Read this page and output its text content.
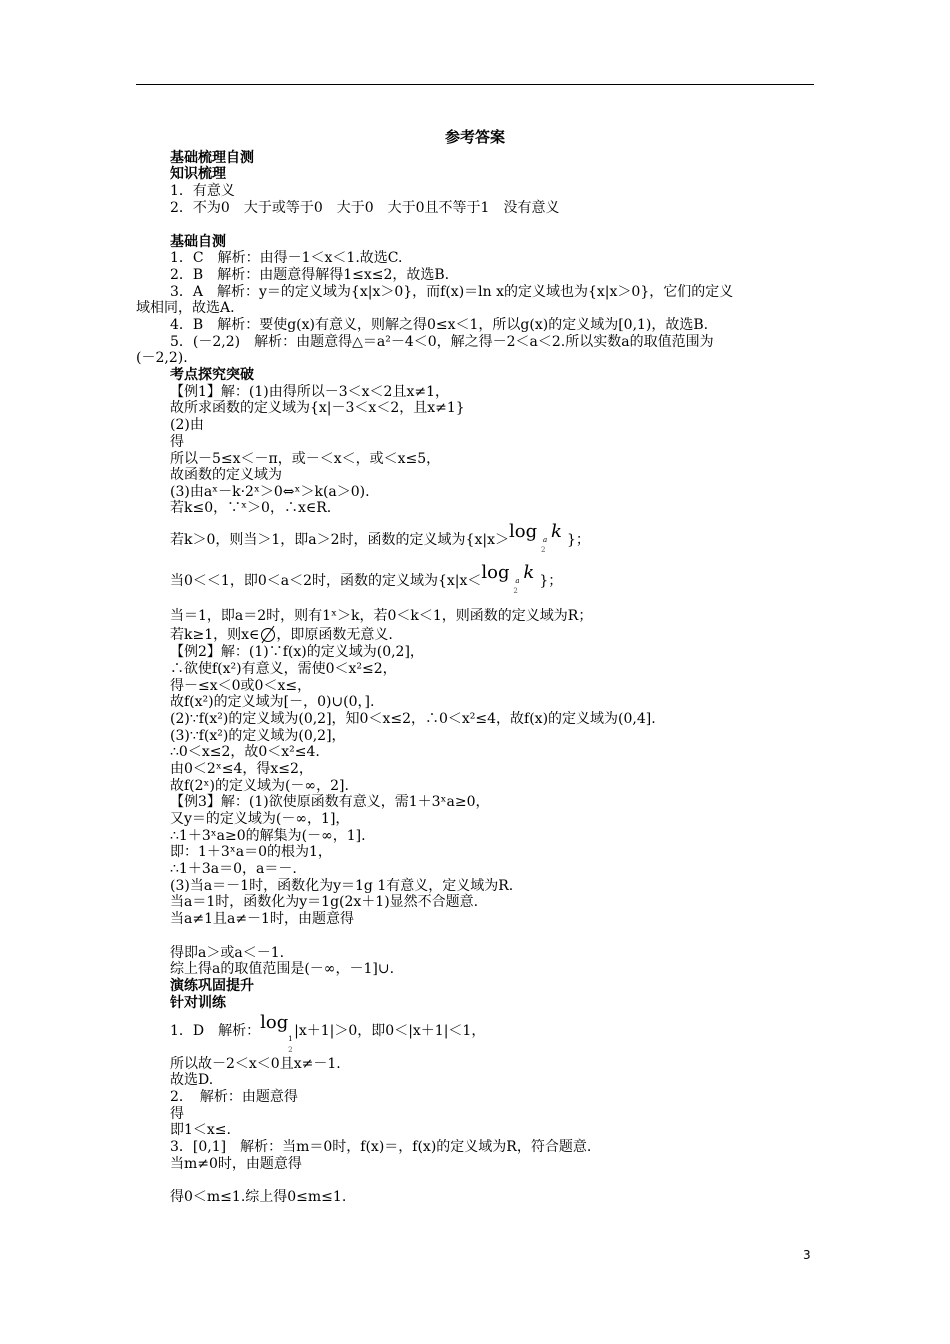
参考答案
基础梳理自测
知识梳理
1．有意义
2．不为0　大于或等于0　大于0　大于0且不等于1　没有意义
基础自测
1．C　解析：由得－1＜x＜1.故选C.
2．B　解析：由题意得解得1≤x≤2，故选B.
3．A　解析：y＝的定义域为{x|x＞0}，而f(x)＝ln x的定义域也为{x|x＞0}，它们的定义
域相同，故选A.
4．B　解析：要使g(x)有意义，则解之得0≤x＜1，所以g(x)的定义域为[0,1)，故选B.
5．(－2,2)　解析：由题意得△＝a²－4＜0，解之得－2＜a＜2.所以实数a的取值范围为
(－2,2).
考点探究突破
【例1】解：(1)由得所以－3＜x＜2且x≠1，
故所求函数的定义域为{x|－3＜x＜2，且x≠1}
(2)由
得
所以－5≤x＜－π，或－＜x＜，或＜x≤5，
故函数的定义域为
(3)由aˣ－k·2ˣ＞0⇔ˣ＞k(a＞0).
若k≤0，∵ˣ＞0，∴x∈R.
若k＞0，则当＞1，即a＞2时，函数的定义域为{x|x＞ log a
2
k }；
当0＜＜1，即0＜a＜2时，函数的定义域为{x|x＜ log a
2
k }；
当＝1，即a＝2时，则有1ˣ＞k，若0＜k＜1，则函数的定义域为R；
若k≥1，则x∈ ，即原函数无意义.
【例2】解：(1)∵f(x)的定义域为(0,2]，
∴欲使f(x²)有意义，需使0＜x²≤2，
得－≤x＜0或0＜x≤，
故f(x²)的定义域为[－，0)∪(0，].
(2)∵f(x²)的定义域为(0,2]，知0＜x≤2，∴0＜x²≤4，故f(x)的定义域为(0,4].
(3)∵f(x²)的定义域为(0,2]，
∴0＜x≤2，故0＜x²≤4.
由0＜2ˣ≤4，得x≤2，
故f(2ˣ)的定义域为(－∞，2].
【例3】解：(1)欲使原函数有意义，需1＋3ˣa≥0，
又y＝的定义域为(－∞，1]，
∴1＋3ˣa≥0的解集为(－∞，1].
即：1＋3ˣa＝0的根为1，
∴1＋3a＝0，a＝－.
(3)当a＝－1时，函数化为y＝1g 1有意义，定义域为R.
当a＝1时，函数化为y＝1g(2x＋1)显然不合题意.
当a≠1且a≠－1时，由题意得
得即a＞或a＜－1.
综上得a的取值范围是(－∞，－1]∪.
演练巩固提升
针对训练
1．D　解析： log
1
2
|x＋1|＞0，即0＜|x＋1|＜1，
所以故－2＜x＜0且x≠－1.
故选D.
2．　解析：由题意得
得
即1＜x≤.
3．[0,1]　解析：当m＝0时，f(x)＝，f(x)的定义域为R，符合题意.
当m≠0时，由题意得
得0＜m≤1.综上得0≤m≤1.
3
